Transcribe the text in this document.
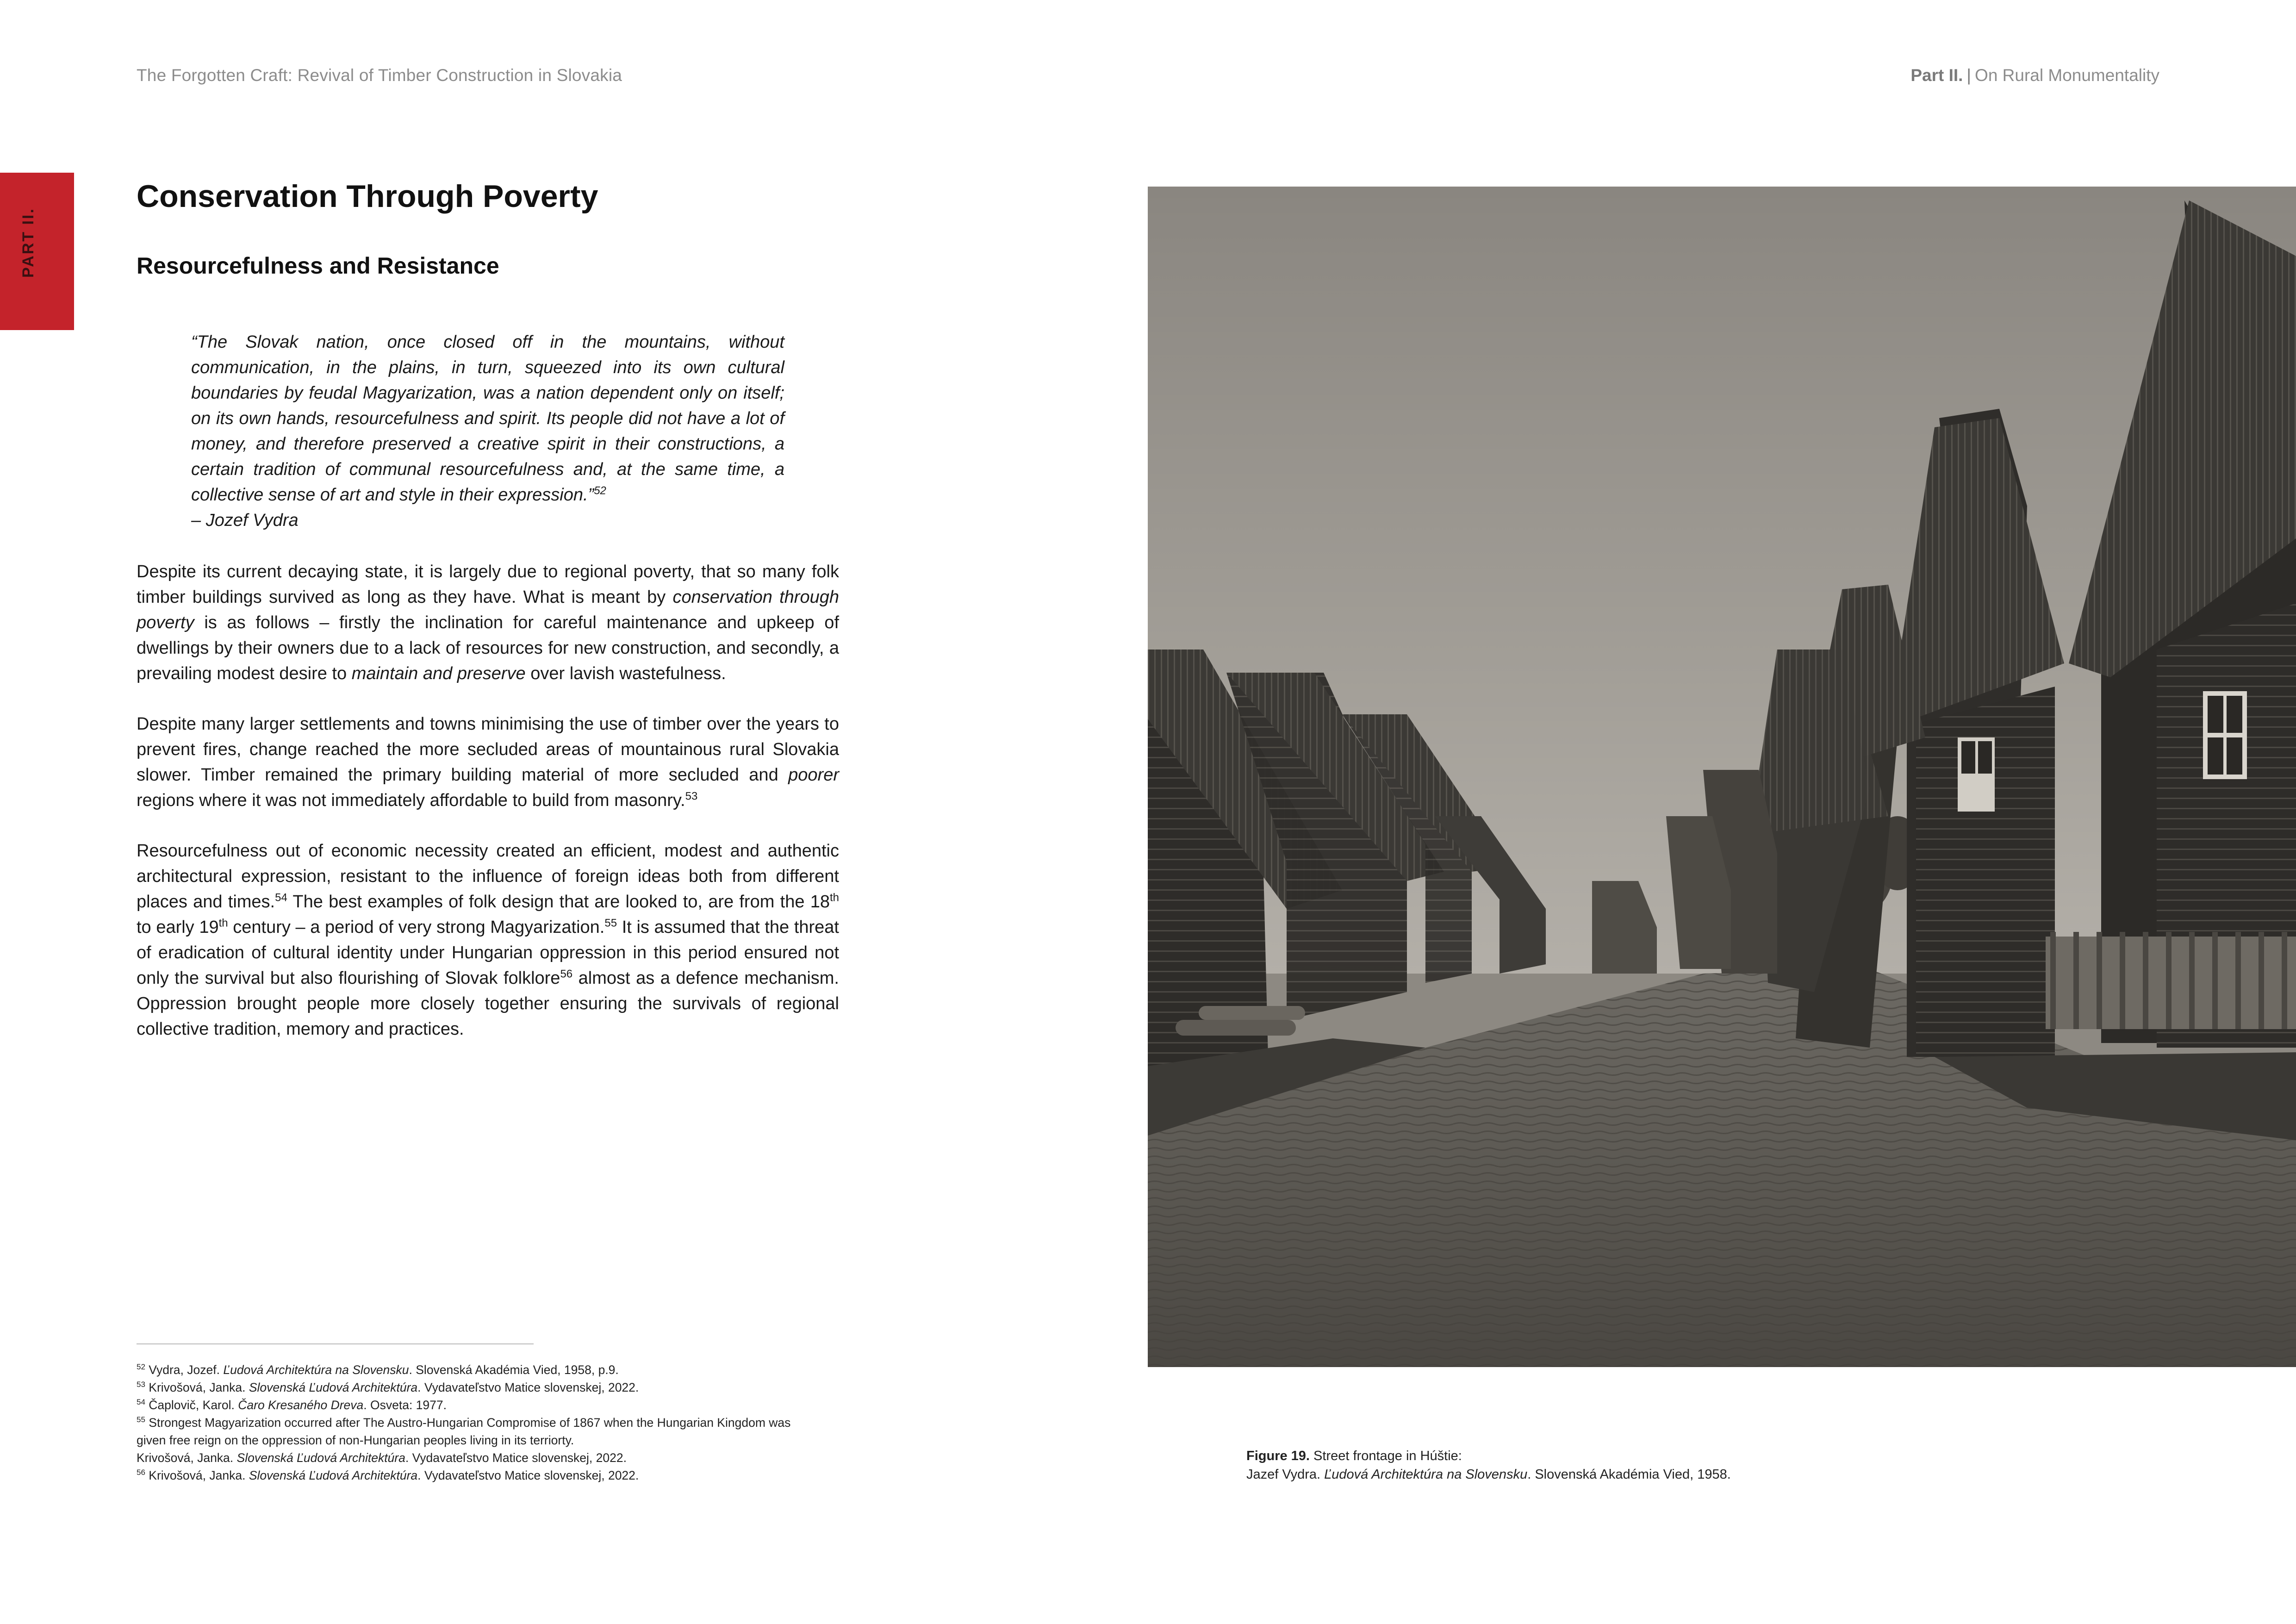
The Forgotten Craft: Revival of Timber Construction in Slovakia	Part II. | On Rural Monumentality
PART II.
Conservation Through Poverty
Resourcefulness and Resistance
“The Slovak nation, once closed off in the mountains, without communication, in the plains, in turn, squeezed into its own cultural boundaries by feudal Magyarization, was a nation dependent only on itself; on its own hands, resourcefulness and spirit. Its people did not have a lot of money, and therefore preserved a creative spirit in their constructions, a certain tradition of communal resourcefulness and, at the same time, a collective sense of art and style in their expression.”$^{52}$
– Jozef Vydra
Despite its current decaying state, it is largely due to regional poverty, that so many folk timber buildings survived as long as they have. What is meant by conservation through poverty is as follows – firstly the inclination for careful maintenance and upkeep of dwellings by their owners due to a lack of resources for new construction, and secondly, a prevailing modest desire to maintain and preserve over lavish wastefulness.
Despite many larger settlements and towns minimising the use of timber over the years to prevent fires, change reached the more secluded areas of mountainous rural Slovakia slower. Timber remained the primary building material of more secluded and poorer regions where it was not immediately affordable to build from masonry.$^{53}$
Resourcefulness out of economic necessity created an efficient, modest and authentic architectural expression, resistant to the influence of foreign ideas both from different places and times.$^{54}$ The best examples of folk design that are looked to, are from the 18th to early 19th century – a period of very strong Magyarization.$^{55}$ It is assumed that the threat of eradication of cultural identity under Hungarian oppression in this period ensured not only the survival but also flourishing of Slovak folklore$^{56}$ almost as a defence mechanism. Oppression brought people more closely together ensuring the survivals of regional collective tradition, memory and practices.
$^{52}$ Vydra, Jozef. Ľudová Architektúra na Slovensku. Slovenská Akadémia Vied, 1958, p.9.
$^{53}$ Krivošová, Janka. Slovenská Ľudová Architektúra. Vydavateľstvo Matice slovenskej, 2022.
$^{54}$ Čaplovič, Karol. Čaro Kresaného Dreva. Osveta: 1977.
$^{55}$ Strongest Magyarization occurred after The Austro-Hungarian Compromise of 1867 when the Hungarian Kingdom was
given free reign on the oppression of non-Hungarian peoples living in its terriorty.
Krivošová, Janka. Slovenská Ľudová Architektúra. Vydavateľstvo Matice slovenskej, 2022.
$^{56}$ Krivošová, Janka. Slovenská Ľudová Architektúra. Vydavateľstvo Matice slovenskej, 2022.
Figure 19. Street frontage in Húštie:
Jazef Vydra. Ľudová Architektúra na Slovensku. Slovenská Akadémia Vied, 1958.
